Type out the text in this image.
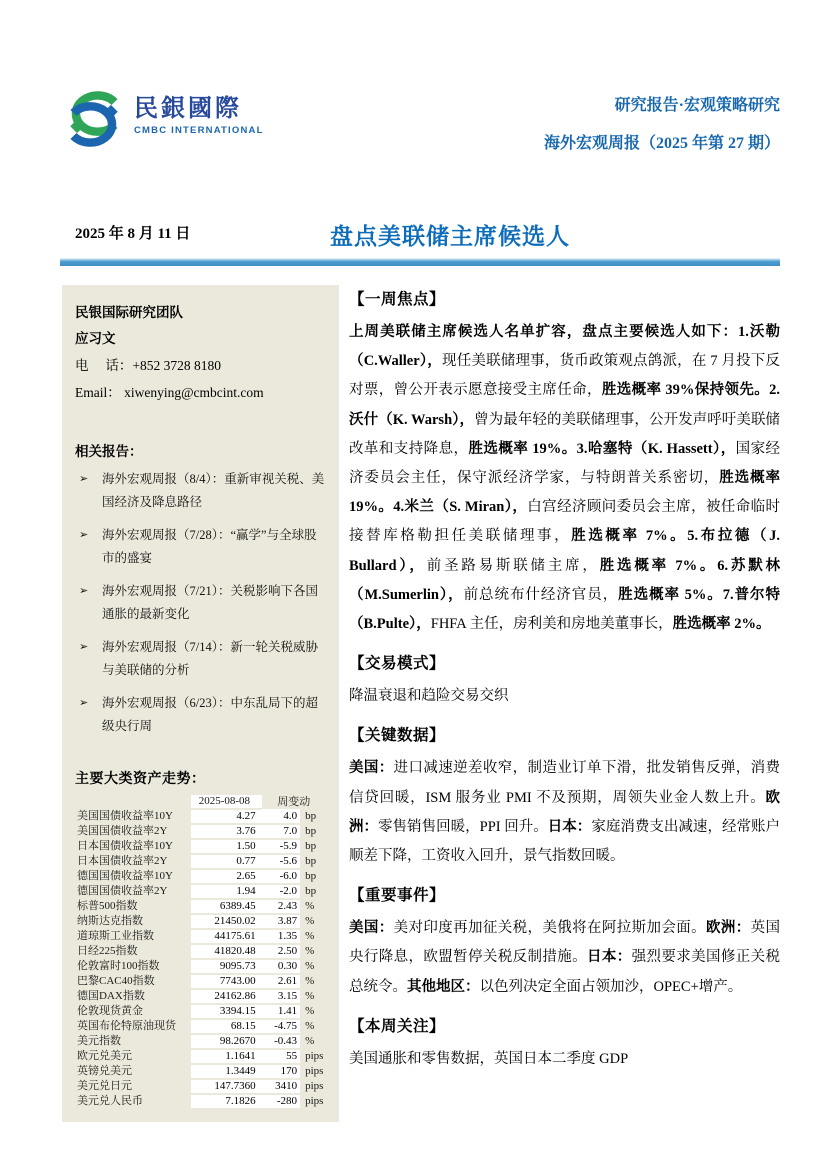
民銀國際
CMBC INTERNATIONAL
研究报告·宏观策略研究
海外宏观周报（2025 年第 27 期）
2025 年 8 月 11 日	盘点美联储主席候选人
民银国际研究团队
应习文
电　 话：+852 3728 8180
Email： xiwenying@cmbcint.com
相关报告：
➢ 海外宏观周报（8/4）：重新审视关税、美国经济及降息路径
➢ 海外宏观周报（7/28）：“赢学”与全球股市的盛宴
➢ 海外宏观周报（7/21）：关税影响下各国通胀的最新变化
➢ 海外宏观周报（7/14）：新一轮关税威胁与美联储的分析
➢ 海外宏观周报（6/23）：中东乱局下的超级央行周
主要大类资产走势：
	2025-08-08	周变动	
美国国债收益率10Y	4.27	4.0	bp
美国国债收益率2Y	3.76	7.0	bp
日本国债收益率10Y	1.50	-5.9	bp
日本国债收益率2Y	0.77	-5.6	bp
德国国债收益率10Y	2.65	-6.0	bp
德国国债收益率2Y	1.94	-2.0	bp
标普500指数	6389.45	2.43	%
纳斯达克指数	21450.02	3.87	%
道琼斯工业指数	44175.61	1.35	%
日经225指数	41820.48	2.50	%
伦敦富时100指数	9095.73	0.30	%
巴黎CAC40指数	7743.00	2.61	%
德国DAX指数	24162.86	3.15	%
伦敦现货黄金	3394.15	1.41	%
英国布伦特原油现货	68.15	-4.75	%
美元指数	98.2670	-0.43	%
欧元兑美元	1.1641	55	pips
英镑兑美元	1.3449	170	pips
美元兑日元	147.7360	3410	pips
美元兑人民币	7.1826	-280	pips
【一周焦点】
上周美联储主席候选人名单扩容，盘点主要候选人如下：1.沃勒（C.Waller），现任美联储理事，货币政策观点鸽派，在 7 月投下反对票，曾公开表示愿意接受主席任命，胜选概率 39%保持领先。2.沃什（K. Warsh），曾为最年轻的美联储理事，公开发声呼吁美联储改革和支持降息，胜选概率 19%。3.哈塞特（K. Hassett），国家经济委员会主任，保守派经济学家，与特朗普关系密切，胜选概率 19%。4.米兰（S. Miran），白宫经济顾问委员会主席，被任命临时接替库格勒担任美联储理事，胜选概率 7%。5.布拉德（J. Bullard），前圣路易斯联储主席，胜选概率 7%。6.苏默林（M.Sumerlin），前总统布什经济官员，胜选概率 5%。7.普尔特（B.Pulte），FHFA 主任，房利美和房地美董事长，胜选概率 2%。
【交易模式】
降温衰退和趋险交易交织
【关键数据】
美国：进口减速逆差收窄，制造业订单下滑，批发销售反弹，消费信贷回暖，ISM 服务业 PMI 不及预期，周领失业金人数上升。欧洲：零售销售回暖，PPI 回升。日本：家庭消费支出减速，经常账户顺差下降，工资收入回升，景气指数回暖。
【重要事件】
美国：美对印度再加征关税，美俄将在阿拉斯加会面。欧洲：英国央行降息，欧盟暂停关税反制措施。日本：强烈要求美国修正关税总统令。其他地区：以色列决定全面占领加沙，OPEC+增产。
【本周关注】
美国通胀和零售数据，英国日本二季度 GDP
